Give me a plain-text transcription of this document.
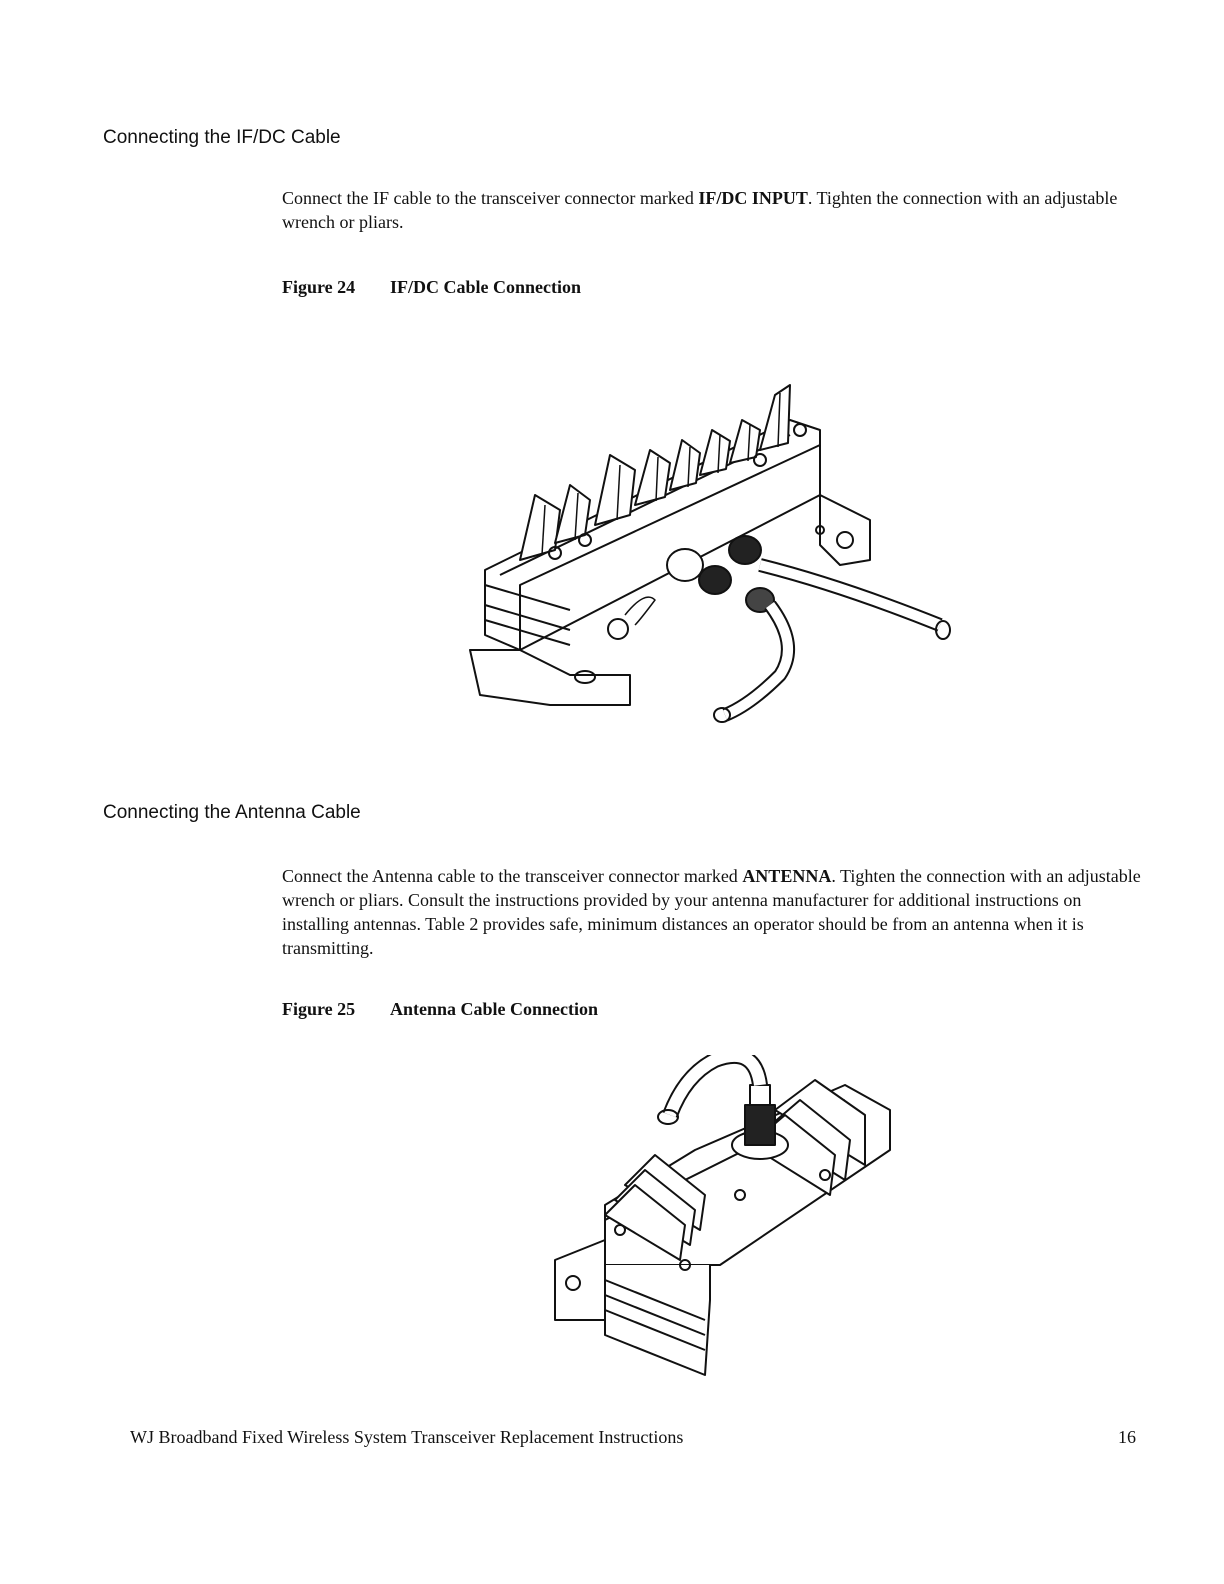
Connecting the IF/DC Cable

Connect the IF cable to the transceiver connector marked IF/DC INPUT. Tighten the connection with an adjustable wrench or pliars.

Figure 24 IF/DC Cable Connection
Connecting the Antenna Cable

Connect the Antenna cable to the transceiver connector marked ANTENNA. Tighten the connection with an adjustable wrench or pliars. Consult the instructions provided by your antenna manufacturer for additional instructions on installing antennas. Table 2 provides safe, minimum distances an operator should be from an antenna when it is transmitting.

Figure 25 Antenna Cable Connection
WJ Broadband Fixed Wireless System Transceiver Replacement Instructions	16
